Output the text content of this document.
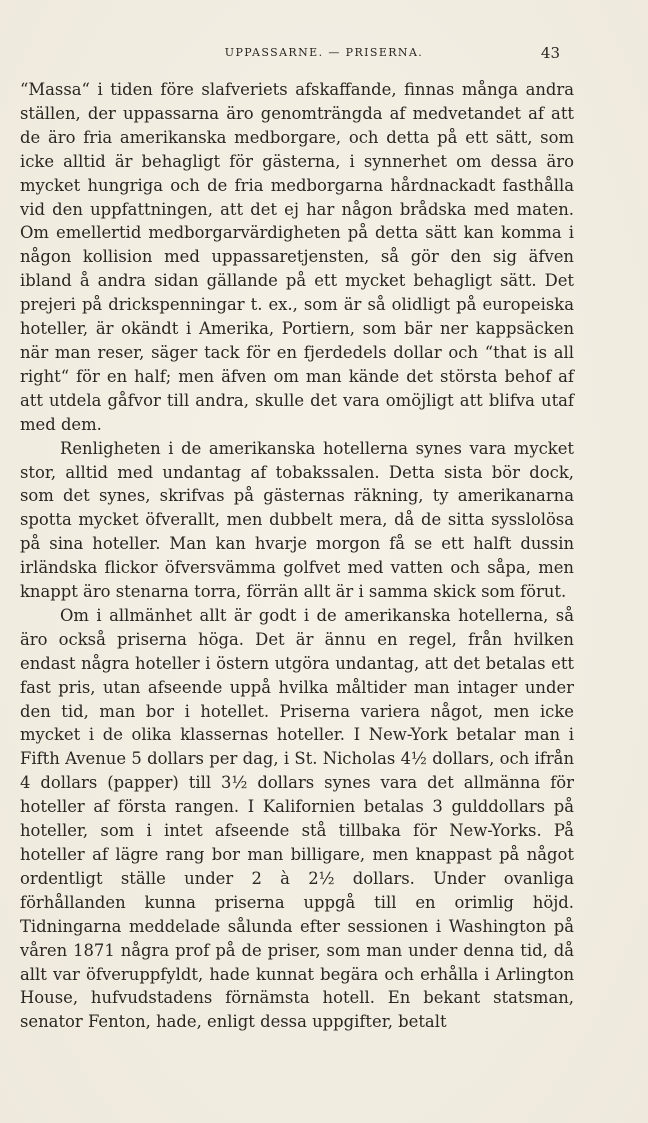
UPPASSARNE. — PRISERNA.	43

“Massa“ i tiden före slafveriets afskaffande, finnas många andra ställen, der uppassarna äro genomträngda af medvetandet af att de äro fria amerikanska medborgare, och detta på ett sätt, som icke alltid är behagligt för gästerna, i synnerhet om dessa äro mycket hungriga och de fria medborgarna hårdnackadt fasthålla vid den uppfattningen, att det ej har någon brådska med maten. Om emellertid medborgarvärdigheten på detta sätt kan komma i någon kollision med uppassaretjensten, så gör den sig äfven ibland å andra sidan gällande på ett mycket behagligt sätt. Det prejeri på drickspenningar t. ex., som är så olidligt på europeiska hoteller, är okändt i Amerika, Portiern, som bär ner kappsäcken när man reser, säger tack för en fjerdedels dollar och “that is all right“ för en half; men äfven om man kände det största behof af att utdela gåfvor till andra, skulle det vara omöjligt att blifva utaf med dem.

Renligheten i de amerikanska hotellerna synes vara mycket stor, alltid med undantag af tobakssalen. Detta sista bör dock, som det synes, skrifvas på gästernas räkning, ty amerikanarna spotta mycket öfverallt, men dubbelt mera, då de sitta sysslolösa på sina hoteller. Man kan hvarje morgon få se ett halft dussin irländska flickor öfversvämma golfvet med vatten och såpa, men knappt äro stenarna torra, förrän allt är i samma skick som förut.

Om i allmänhet allt är godt i de amerikanska hotellerna, så äro också priserna höga. Det är ännu en regel, från hvilken endast några hoteller i östern utgöra undantag, att det betalas ett fast pris, utan afseende uppå hvilka måltider man intager under den tid, man bor i hotellet. Priserna variera något, men icke mycket i de olika klassernas hoteller. I New-York betalar man i Fifth Avenue 5 dollars per dag, i St. Nicholas 4½ dollars, och ifrån 4 dollars (papper) till 3½ dollars synes vara det allmänna för hoteller af första rangen. I Kalifornien betalas 3 gulddollars på hoteller, som i intet afseende stå tillbaka för New-Yorks. På hoteller af lägre rang bor man billigare, men knappast på något ordentligt ställe under 2 à 2½ dollars. Under ovanliga förhållanden kunna priserna uppgå till en orimlig höjd. Tidningarna meddelade sålunda efter sessionen i Washington på våren 1871 några prof på de priser, som man under denna tid, då allt var öfveruppfyldt, hade kunnat begära och erhålla i Arlington House, hufvudstadens förnämsta hotell. En bekant statsman, senator Fenton, hade, enligt dessa uppgifter, betalt
